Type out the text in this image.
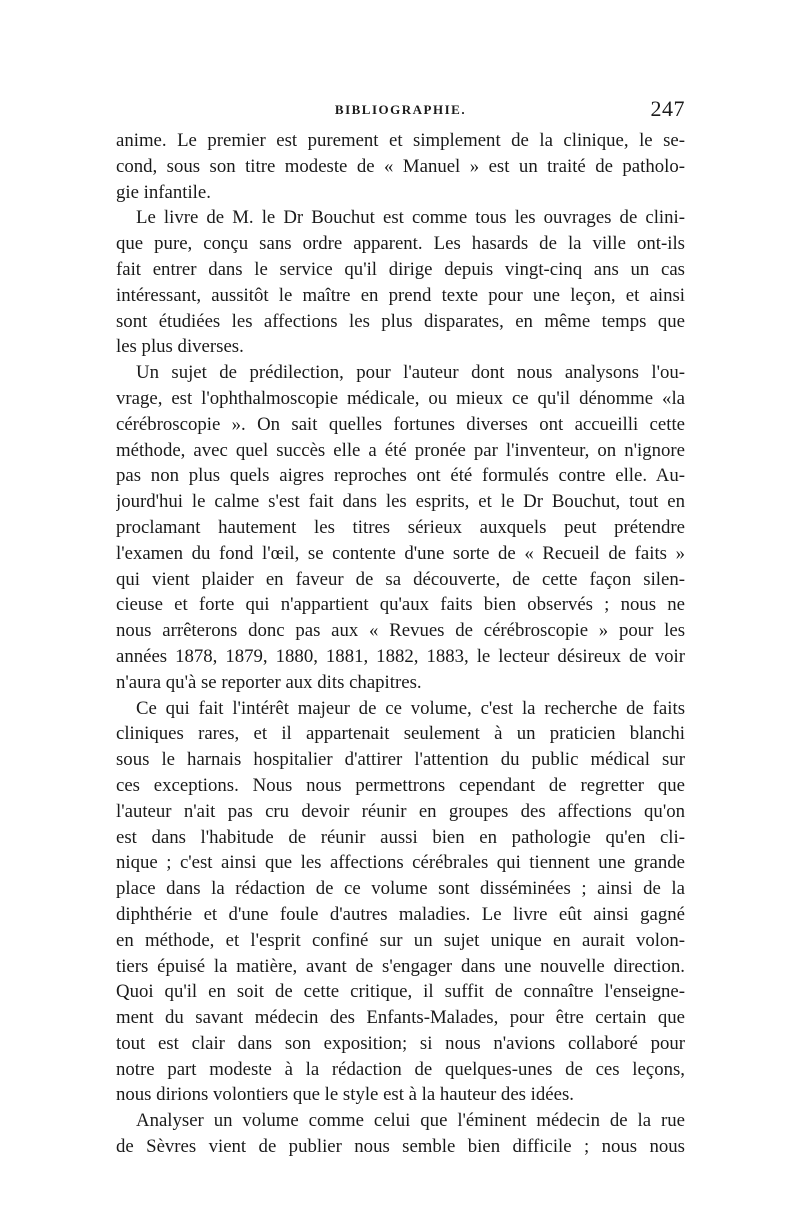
BIBLIOGRAPHIE.	247
anime. Le premier est purement et simplement de la clinique, le se-
cond, sous son titre modeste de « Manuel » est un traité de patholo-
gie infantile.
Le livre de M. le Dr Bouchut est comme tous les ouvrages de clini-
que pure, conçu sans ordre apparent. Les hasards de la ville ont-ils
fait entrer dans le service qu'il dirige depuis vingt-cinq ans un cas
intéressant, aussitôt le maître en prend texte pour une leçon, et ainsi
sont étudiées les affections les plus disparates, en même temps que
les plus diverses.
Un sujet de prédilection, pour l'auteur dont nous analysons l'ou-
vrage, est l'ophthalmoscopie médicale, ou mieux ce qu'il dénomme «la
cérébroscopie ». On sait quelles fortunes diverses ont accueilli cette
méthode, avec quel succès elle a été pronée par l'inventeur, on n'ignore
pas non plus quels aigres reproches ont été formulés contre elle. Au-
jourd'hui le calme s'est fait dans les esprits, et le Dr Bouchut, tout en
proclamant hautement les titres sérieux auxquels peut prétendre
l'examen du fond l'œil, se contente d'une sorte de « Recueil de faits »
qui vient plaider en faveur de sa découverte, de cette façon silen-
cieuse et forte qui n'appartient qu'aux faits bien observés ; nous ne
nous arrêterons donc pas aux « Revues de cérébroscopie » pour les
années 1878, 1879, 1880, 1881, 1882, 1883, le lecteur désireux de voir
n'aura qu'à se reporter aux dits chapitres.
Ce qui fait l'intérêt majeur de ce volume, c'est la recherche de faits
cliniques rares, et il appartenait seulement à un praticien blanchi
sous le harnais hospitalier d'attirer l'attention du public médical sur
ces exceptions. Nous nous permettrons cependant de regretter que
l'auteur n'ait pas cru devoir réunir en groupes des affections qu'on
est dans l'habitude de réunir aussi bien en pathologie qu'en cli-
nique ; c'est ainsi que les affections cérébrales qui tiennent une grande
place dans la rédaction de ce volume sont disséminées ; ainsi de la
diphthérie et d'une foule d'autres maladies. Le livre eût ainsi gagné
en méthode, et l'esprit confiné sur un sujet unique en aurait volon-
tiers épuisé la matière, avant de s'engager dans une nouvelle direction.
Quoi qu'il en soit de cette critique, il suffit de connaître l'enseigne-
ment du savant médecin des Enfants-Malades, pour être certain que
tout est clair dans son exposition; si nous n'avions collaboré pour
notre part modeste à la rédaction de quelques-unes de ces leçons,
nous dirions volontiers que le style est à la hauteur des idées.
Analyser un volume comme celui que l'éminent médecin de la rue
de Sèvres vient de publier nous semble bien difficile ; nous nous
